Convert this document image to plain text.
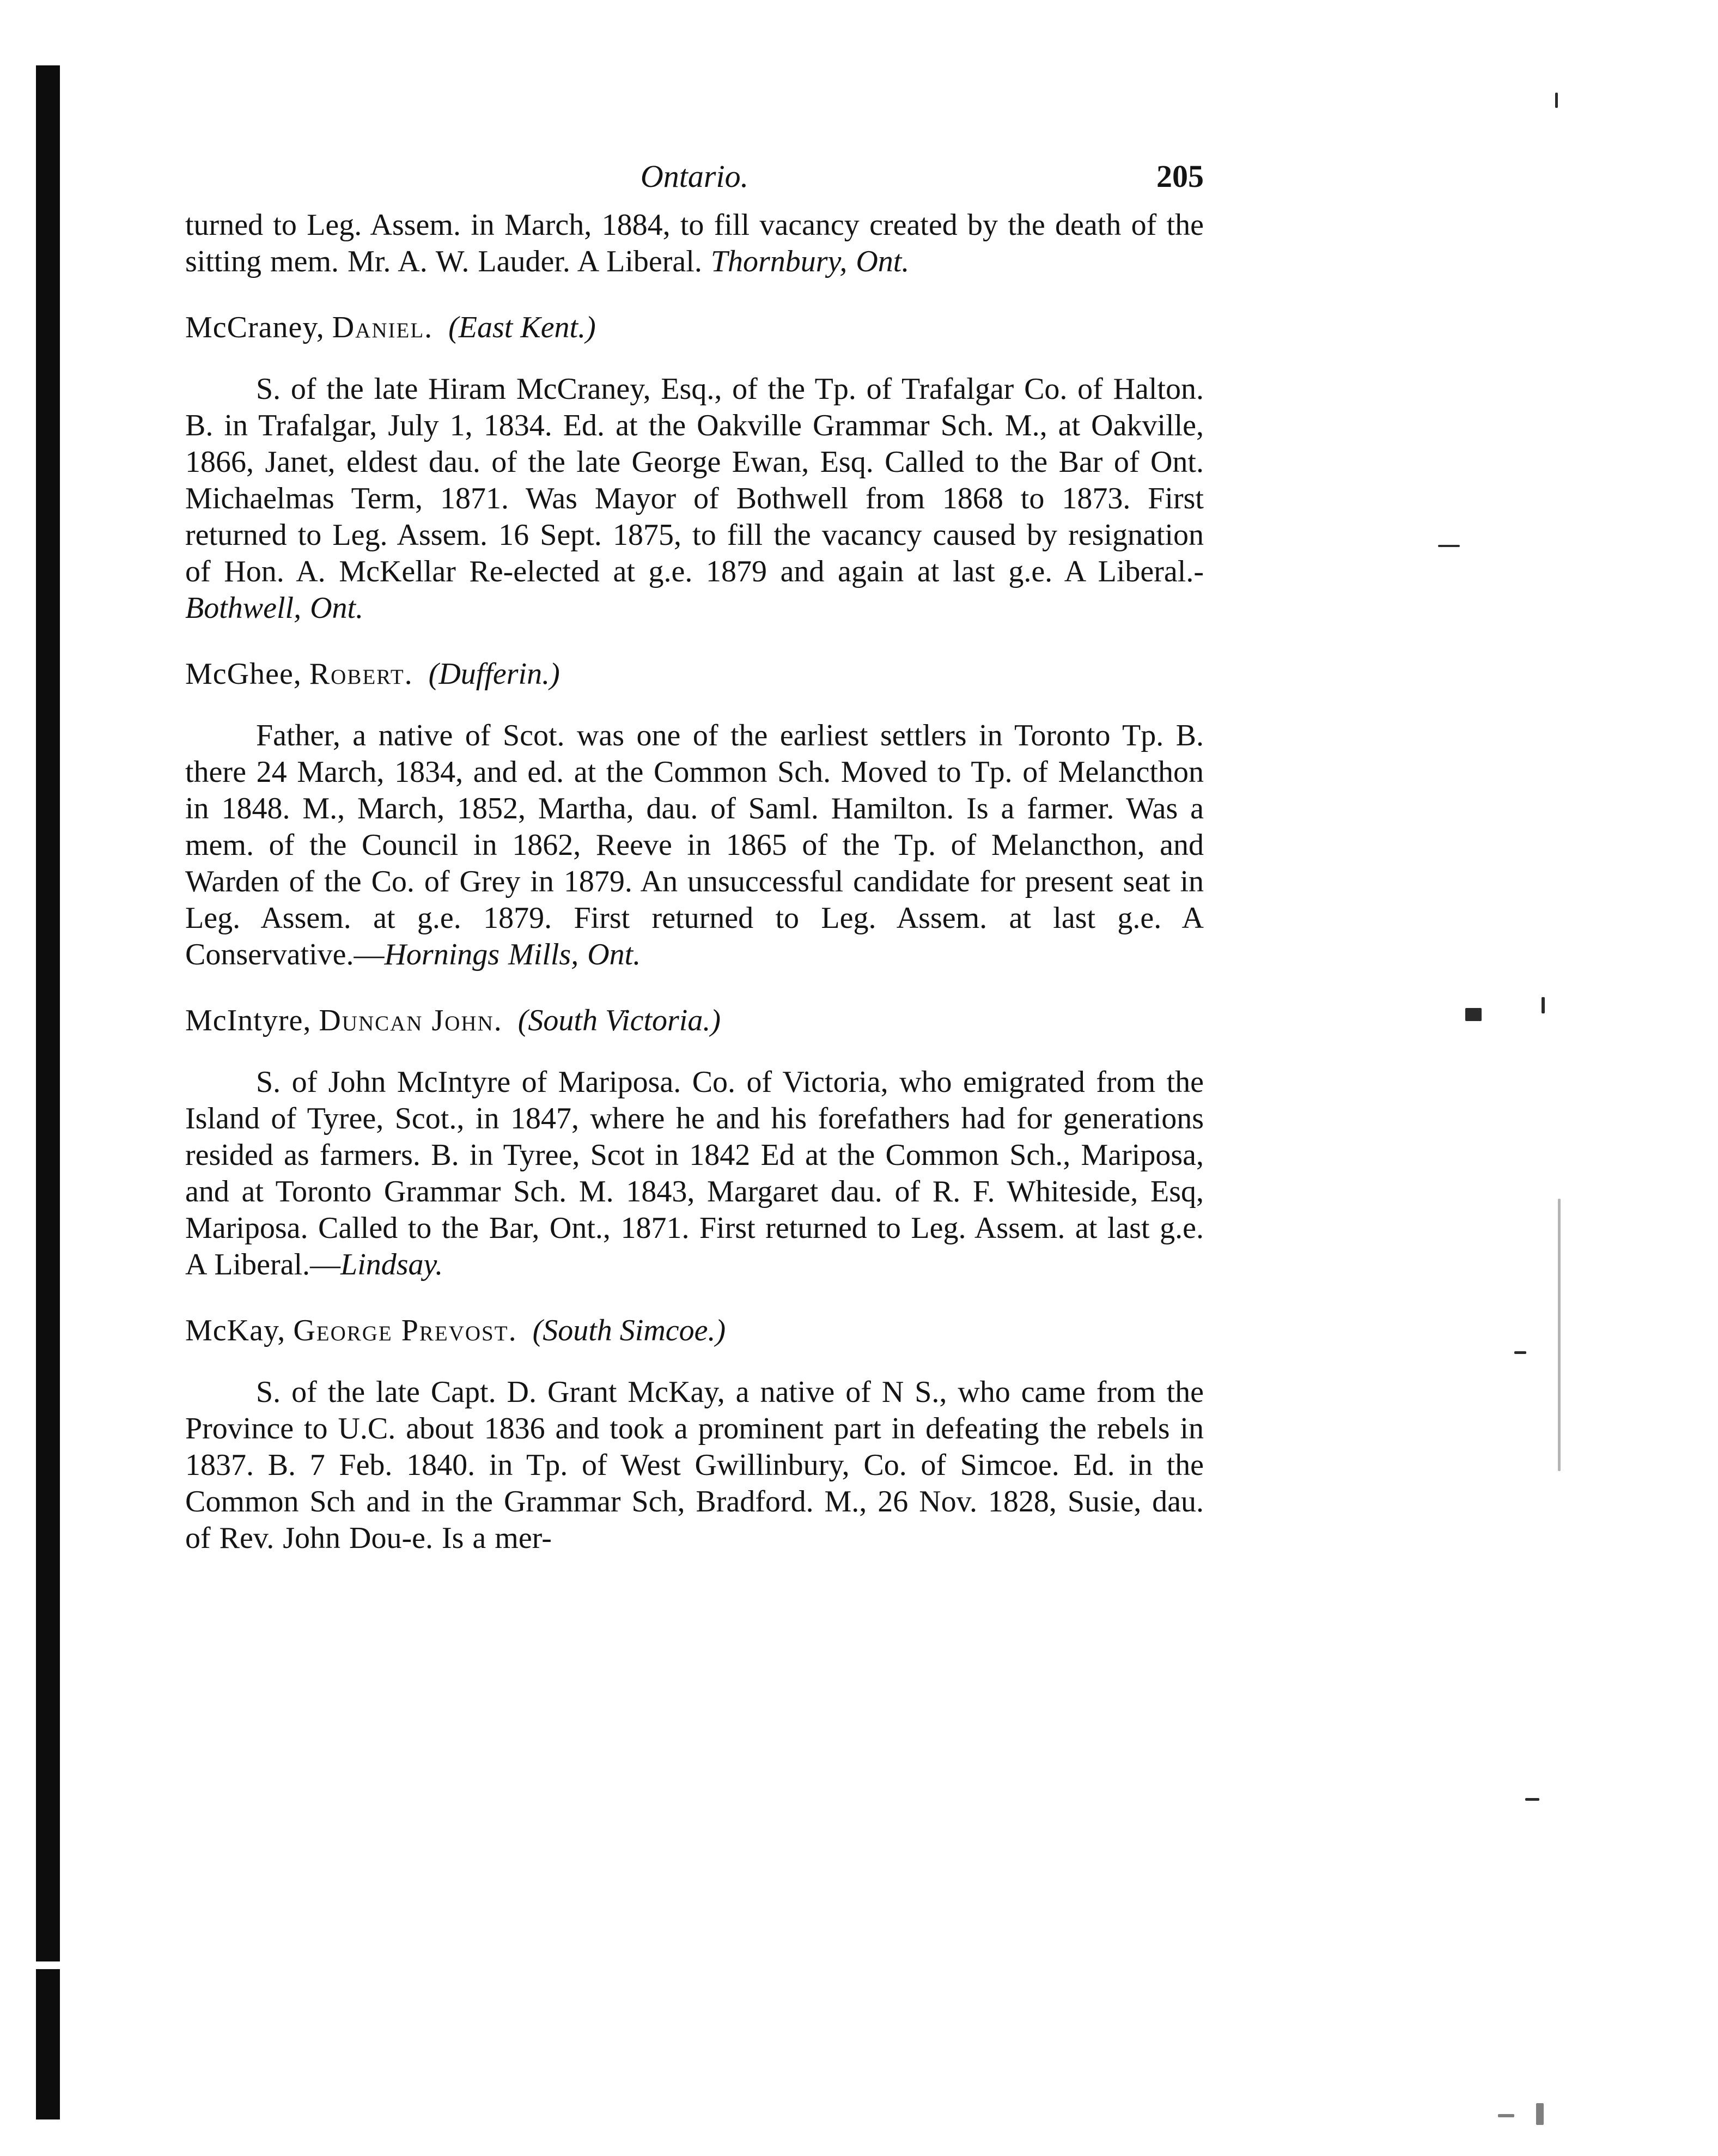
Ontario.	205

turned to Leg. Assem. in March, 1884, to fill vacancy created by the death of the sitting mem. Mr. A. W. Lauder. A Liberal. Thornbury, Ont.

McCraney, Daniel. (East Kent.)

S. of the late Hiram McCraney, Esq., of the Tp. of Trafalgar Co. of Halton. B. in Trafalgar, July 1, 1834. Ed. at the Oakville Grammar Sch. M., at Oakville, 1866, Janet, eldest dau. of the late George Ewan, Esq. Called to the Bar of Ont. Michaelmas Term, 1871. Was Mayor of Bothwell from 1868 to 1873. First returned to Leg. Assem. 16 Sept. 1875, to fill the vacancy caused by resignation of Hon. A. McKellar Re-elected at g.e. 1879 and again at last g.e. A Liberal.- Bothwell, Ont.

McGhee, Robert. (Dufferin.)

Father, a native of Scot. was one of the earliest settlers in Toronto Tp. B. there 24 March, 1834, and ed. at the Common Sch. Moved to Tp. of Melancthon in 1848. M., March, 1852, Martha, dau. of Saml. Hamilton. Is a farmer. Was a mem. of the Council in 1862, Reeve in 1865 of the Tp. of Melancthon, and Warden of the Co. of Grey in 1879. An unsuccessful candidate for present seat in Leg. Assem. at g.e. 1879. First returned to Leg. Assem. at last g.e. A Conservative.—Hornings Mills, Ont.

McIntyre, Duncan John. (South Victoria.)

S. of John McIntyre of Mariposa. Co. of Victoria, who emigrated from the Island of Tyree, Scot., in 1847, where he and his forefathers had for generations resided as farmers. B. in Tyree, Scot in 1842 Ed at the Common Sch., Mariposa, and at Toronto Grammar Sch. M. 1843, Margaret dau. of R. F. Whiteside, Esq, Mariposa. Called to the Bar, Ont., 1871. First returned to Leg. Assem. at last g.e. A Liberal.—Lindsay.

McKay, George Prevost. (South Simcoe.)

S. of the late Capt. D. Grant McKay, a native of N S., who came from the Province to U.C. about 1836 and took a prominent part in defeating the rebels in 1837. B. 7 Feb. 1840. in Tp. of West Gwillinbury, Co. of Simcoe. Ed. in the Common Sch and in the Grammar Sch, Bradford. M., 26 Nov. 1828, Susie, dau. of Rev. John Dou-e. Is a mer-
